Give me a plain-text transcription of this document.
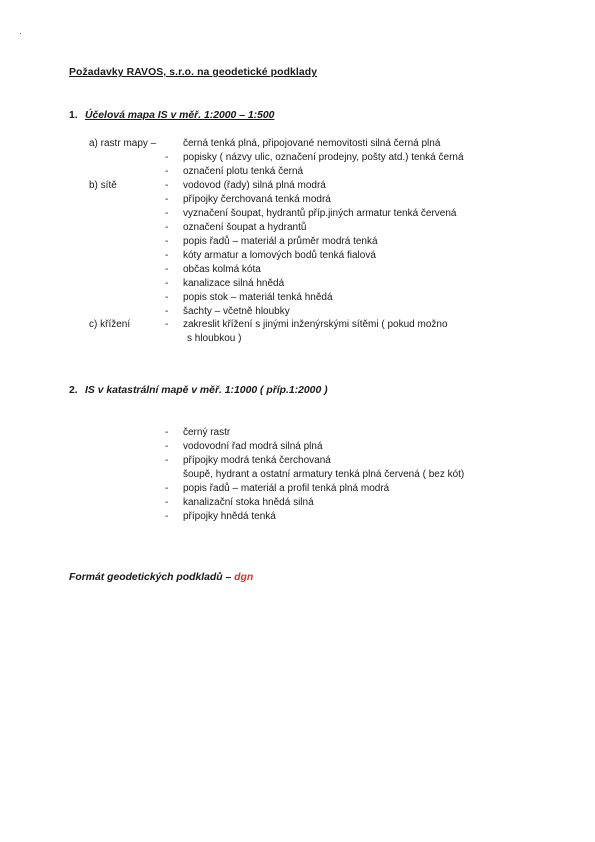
Požadavky RAVOS, s.r.o. na geodetické podklady
1. Účelová mapa IS v měř. 1:2000 – 1:500
a) rastr mapy –	černá tenká plná, připojované nemovitosti silná černá plná
- popisky ( názvy ulic, označení prodejny, pošty atd.) tenká černá
- označení plotu tenká černá
b) sítě	- vodovod (řady) silná plná modrá
- přípojky čerchovaná tenká modrá
- vyznačení šoupat, hydrantů příp.jiných armatur tenká červená
- označení šoupat a hydrantů
- popis řadů – materiál a průměr modrá tenká
- kóty armatur a lomových bodů tenká fialová
- občas kolmá kóta
- kanalizace silná hnědá
- popis stok – materiál tenká hnědá
- šachty – včetně hloubky
c) křížení	- zakreslit křížení s jinými inženýrskými sítěmi ( pokud možno
s hloubkou )
2. IS v katastrální mapě v měř. 1:1000 ( příp.1:2000 )
- černý rastr
- vodovodní řad modrá silná plná
- přípojky modrá tenká čerchovaná
šoupě, hydrant a ostatní armatury tenká plná červená ( bez kót)
- popis řadů – materiál a profil tenká plná modrá
- kanalizační stoka hnědá silná
- přípojky hnědá tenká
Formát geodetických podkladů – dgn
